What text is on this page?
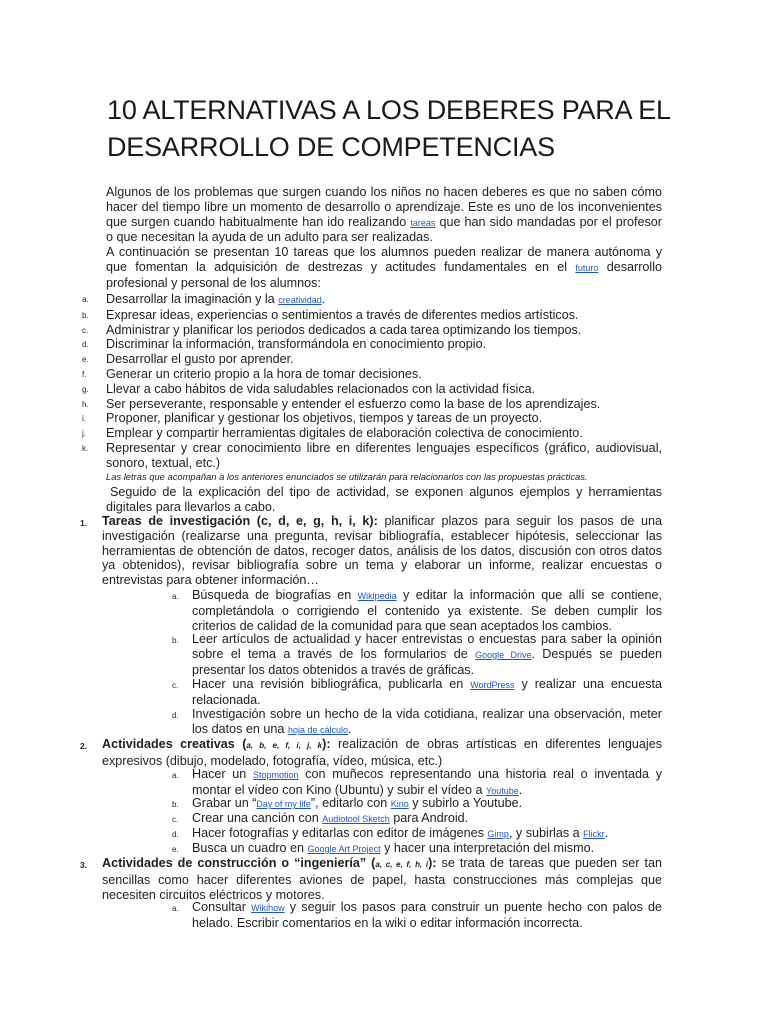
10 ALTERNATIVAS A LOS DEBERES PARA EL DESARROLLO DE COMPETENCIAS

Algunos de los problemas que surgen cuando los niños no hacen deberes es que no saben cómo hacer del tiempo libre un momento de desarrollo o aprendizaje. Este es uno de los inconvenientes que surgen cuando habitualmente han ido realizando tareas que han sido mandadas por el profesor o que necesitan la ayuda de un adulto para ser realizadas.

A continuación se presentan 10 tareas que los alumnos pueden realizar de manera autónoma y que fomentan la adquisición de destrezas y actitudes fundamentales en el futuro desarrollo profesional y personal de los alumnos:

a.	Desarrollar la imaginación y la creatividad.
b.	Expresar ideas, experiencias o sentimientos a través de diferentes medios artísticos.
c.	Administrar y planificar los periodos dedicados a cada tarea optimizando los tiempos.
d.	Discriminar la información, transformándola en conocimiento propio.
e.	Desarrollar el gusto por aprender.
f.	Generar un criterio propio a la hora de tomar decisiones.
g.	Llevar a cabo hábitos de vida saludables relacionados con la actividad física.
h.	Ser perseverante, responsable y entender el esfuerzo como la base de los aprendizajes.
i.	Proponer, planificar y gestionar los objetivos, tiempos y tareas de un proyecto.
j.	Emplear y compartir herramientas digitales de elaboración colectiva de conocimiento.
k.	Representar y crear conocimiento libre en diferentes lenguajes específicos (gráfico, audiovisual, sonoro, textual, etc.)
Las letras que acompañan a los anteriores enunciados se utilizarán para relacionarlos con las propuestas prácticas.
Seguido de la explicación del tipo de actividad, se exponen algunos ejemplos y herramientas digitales para llevarlos a cabo.
1. Tareas de investigación (c, d, e, g, h, i, k): planificar plazos para seguir los pasos de una investigación (realizarse una pregunta, revisar bibliografía, establecer hipótesis, seleccionar las herramientas de obtención de datos, recoger datos, análisis de los datos, discusión con otros datos ya obtenidos), revisar bibliografía sobre un tema y elaborar un informe, realizar encuestas o entrevistas para obtener información…
a. Búsqueda de biografías en Wikipedia y editar la información que allí se contiene, completándola o corrigiendo el contenido ya existente. Se deben cumplir los criterios de calidad de la comunidad para que sean aceptados los cambios.
b. Leer artículos de actualidad y hacer entrevistas o encuestas para saber la opinión sobre el tema a través de los formularios de Google Drive. Después se pueden presentar los datos obtenidos a través de gráficas.
c. Hacer una revisión bibliográfica, publicarla en WordPress y realizar una encuesta relacionada.
d. Investigación sobre un hecho de la vida cotidiana, realizar una observación, meter los datos en una hoja de cálculo.
2. Actividades creativas (a, b, e, f, i, j, k): realización de obras artísticas en diferentes lenguajes expresivos (dibujo, modelado, fotografía, vídeo, música, etc.)
a. Hacer un Stopmotion con muñecos representando una historia real o inventada y montar el vídeo con Kino (Ubuntu) y subir el vídeo a Youtube.
b. Grabar un “Day of my life”, editarlo con Kino y subirlo a Youtube.
c. Crear una canción con Audiotool Sketch para Android.
d. Hacer fotografías y editarlas con editor de imágenes Gimp, y subirlas a Flickr.
e. Busca un cuadro en Google Art Project y hacer una interpretación del mismo.
3. Actividades de construcción o “ingeniería” (a, c, e, f, h, i): se trata de tareas que pueden ser tan sencillas como hacer diferentes aviones de papel, hasta construcciones más complejas que necesiten circuitos eléctricos y motores.
a. Consultar Wikihow y seguir los pasos para construir un puente hecho con palos de helado. Escribir comentarios en la wiki o editar información incorrecta.
